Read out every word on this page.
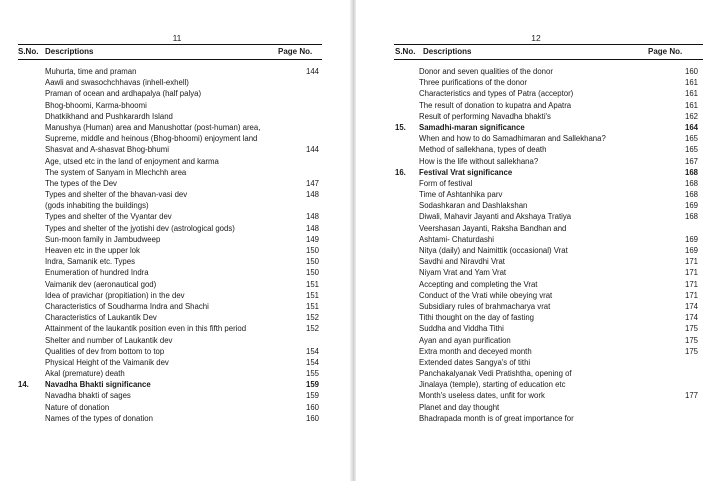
11
S.No. Descriptions	Page No.
Muhurta, time and praman	144
Aawli and swasochchhavas (inhell-exhell)
Praman of ocean and ardhapalya (half palya)
Bhog-bhoomi, Karma-bhoomi
Dhatkikhand and Pushkarardh Island
Manushya (Human) area and Manushottar (post-human) area,
Supreme, middle and heinous (Bhog-bhoomi) enjoyment land
Shasvat and A-shasvat Bhog-bhumi	144
Age, utsed etc in the land of enjoyment and karma
The system of Sanyam in Mlechchh area
The types of the Dev	147
Types and shelter of the bhavan-vasi dev	148
(gods inhabiting the buildings)
Types and shelter of the Vyantar dev	148
Types and shelter of the jyotishi dev (astrological gods)	148
Sun-moon family in Jambudweep	149
Heaven etc in the upper lok	150
Indra, Samanik etc. Types	150
Enumeration of hundred Indra	150
Vaimanik dev (aeronautical god)	151
Idea of pravichar (propitiation) in the dev	151
Characteristics of Soudharma Indra and Shachi	151
Characteristics of Laukantik Dev	152
Attainment of the laukantik position even in this fifth period	152
Shelter and number of Laukantik dev
Qualities of dev from bottom to top	154
Physical Height of the Vaimanik dev	154
Akal (premature) death	155
14.	Navadha Bhakti significance	159
Navadha bhakti of sages	159
Nature of donation	160
Names of the types of donation	160
12
S.No. Descriptions	Page No.
Donor and seven qualities of the donor	160
Three purifications of the donor	161
Characteristics and types of Patra (acceptor)	161
The result of donation to kupatra and Apatra	161
Result of performing Navadha bhakti's	162
15.	Samadhi-maran significance	164
When and how to do Samadhimaran and Sallekhana?	165
Method of sallekhana, types of death	165
How is the life without sallekhana?	167
16.	Festival Vrat significance	168
Form of festival	168
Time of Ashtanhika parv	168
Sodashkaran and Dashlakshan	169
Diwali, Mahavir Jayanti and Akshaya Tratiya	168
Veershasan Jayanti, Raksha Bandhan and
Ashtami- Chaturdashi	169
Nitya (daily) and Naimittik (occasional) Vrat	169
Savdhi and Niravdhi Vrat	171
Niyam Vrat and Yam Vrat	171
Accepting and completing the Vrat	171
Conduct of the Vrati while obeying vrat	171
Subsidiary rules of brahmacharya vrat	174
Tithi thought on the day of fasting	174
Suddha and Viddha Tithi	175
Ayan and ayan purification	175
Extra month and deceyed month	175
Extended dates Sangya's of tithi
Panchakalyanak Vedi Pratishtha, opening of
Jinalaya (temple), starting of education etc
Month's useless dates, unfit for work	177
Planet and day thought
Bhadrapada month is of great importance for
